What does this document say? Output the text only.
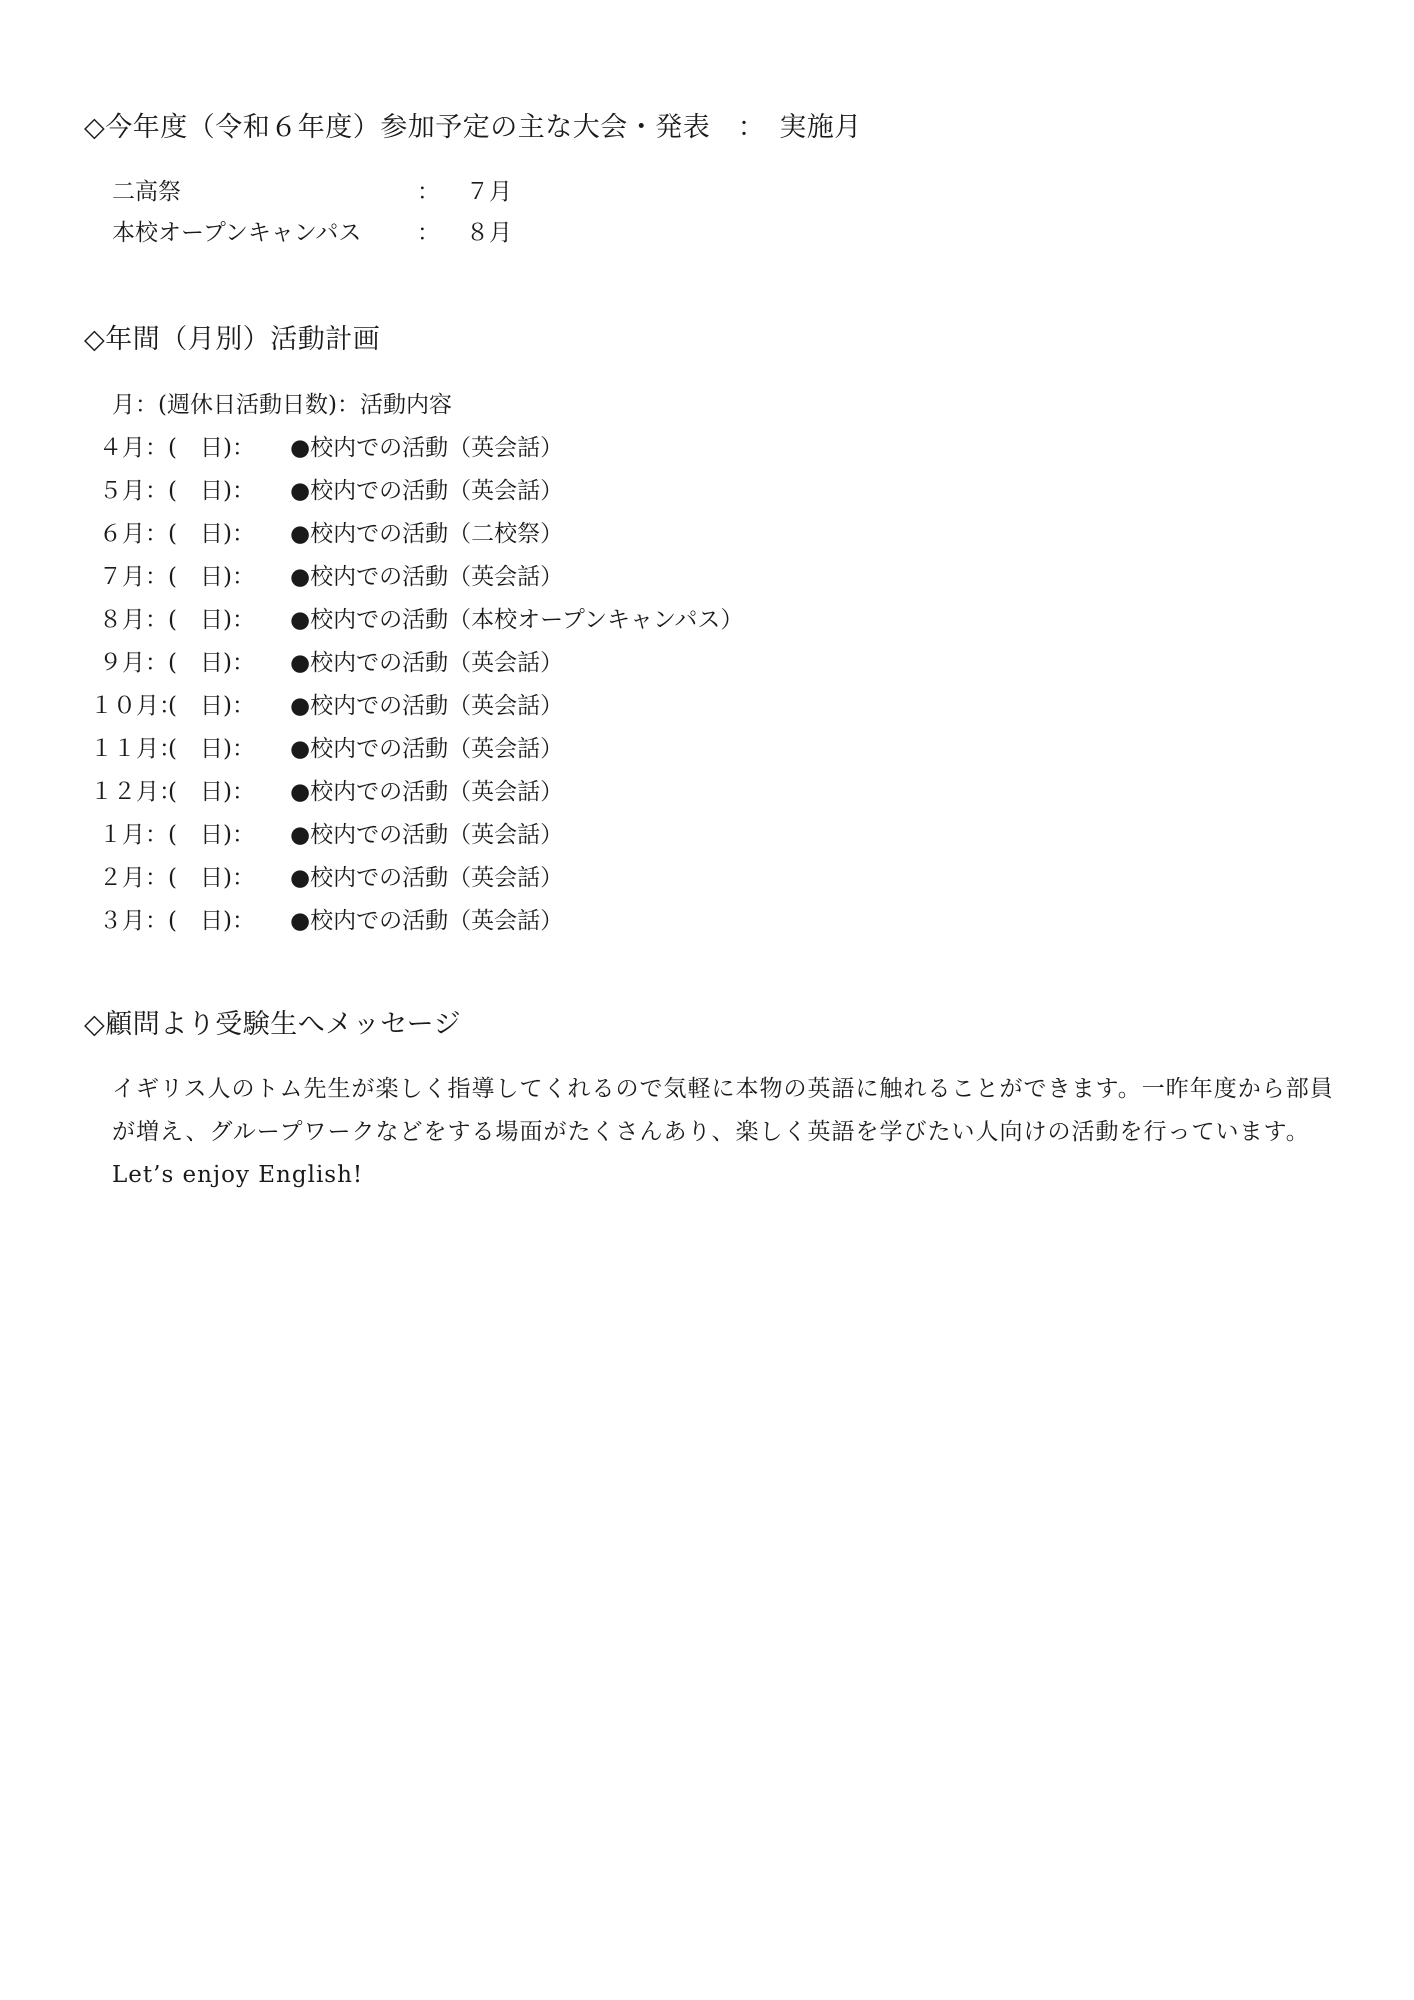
◇今年度（令和６年度）参加予定の主な大会・発表　：　実施月
二高祭	： ７月
本校オープンキャンパス ： ８月
◇年間（月別）活動計画
月：(週休日活動日数)：活動内容
４月：(　日)： ●校内での活動（英会話）
５月：(　日)： ●校内での活動（英会話）
６月：(　日)： ●校内での活動（二校祭）
７月：(　日)： ●校内での活動（英会話）
８月：(　日)： ●校内での活動（本校オープンキャンパス）
９月：(　日)： ●校内での活動（英会話）
１０月：(　日)： ●校内での活動（英会話）
１１月：(　日)： ●校内での活動（英会話）
１２月：(　日)： ●校内での活動（英会話）
１月：(　日)： ●校内での活動（英会話）
２月：(　日)： ●校内での活動（英会話）
３月：(　日)： ●校内での活動（英会話）
◇顧問より受験生へメッセージ
イギリス人のトム先生が楽しく指導してくれるので気軽に本物の英語に触れることができます。一昨年度から部員が増え、グループワークなどをする場面がたくさんあり、楽しく英語を学びたい人向けの活動を行っています。Let’s enjoy English!
